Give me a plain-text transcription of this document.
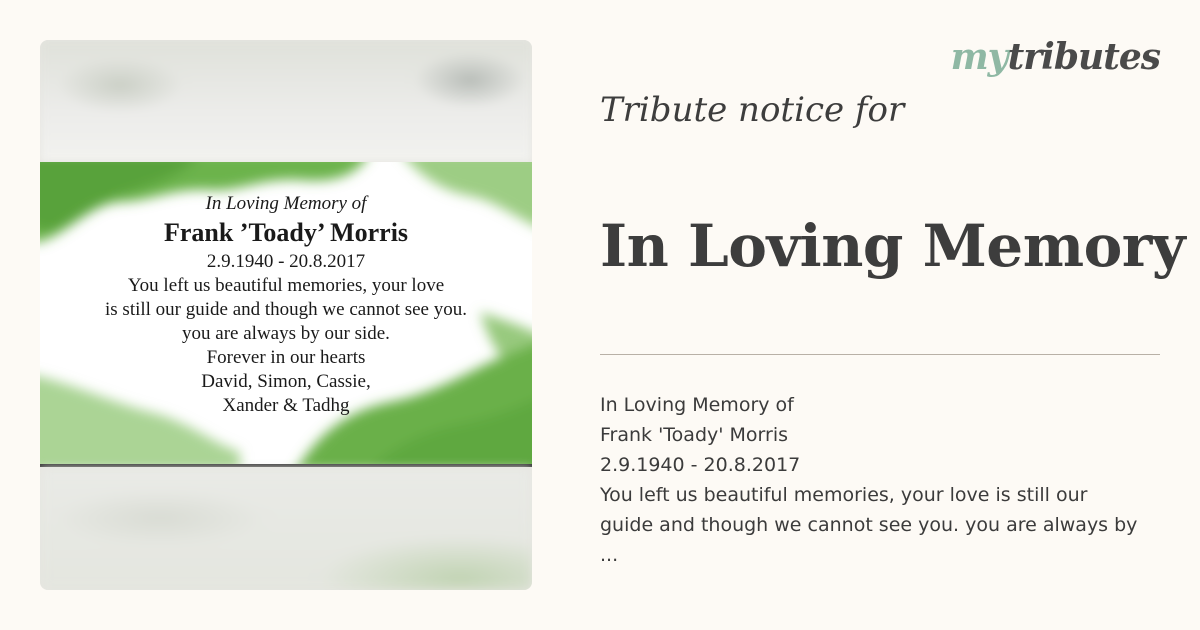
In Loving Memory of
Frank ’Toady’ Morris
2.9.1940 - 20.8.2017
You left us beautiful memories, your love
is still our guide and though we cannot see you.
you are always by our side.
Forever in our hearts
David, Simon, Cassie,
Xander & Tadhg
mytributes
Tribute notice for
In Loving Memory
In Loving Memory of
Frank 'Toady' Morris
2.9.1940 - 20.8.2017
You left us beautiful memories, your love is still our
guide and though we cannot see you. you are always by
...
